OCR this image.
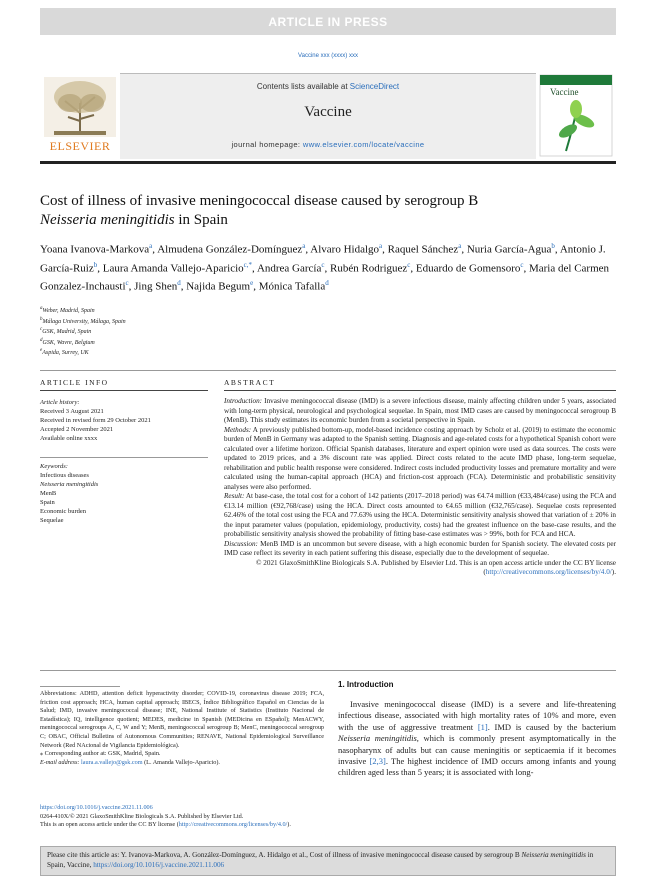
ARTICLE IN PRESS
Vaccine xxx (xxxx) xxx
ELSEVIER
Contents lists available at ScienceDirect
Vaccine
journal homepage: www.elsevier.com/locate/vaccine
Vaccine
Cost of illness of invasive meningococcal disease caused by serogroup B
Neisseria meningitidis in Spain
Yoana Ivanova-Markova$^a$, Almudena González-Domínguez$^a$, Alvaro Hidalgo$^a$, Raquel Sánchez$^a$, Nuria García-Agua$^b$, Antonio J. García-Ruiz$^b$, Laura Amanda Vallejo-Aparicio$^{c,*}$, Andrea García$^c$, Rubén Rodriguez$^c$, Eduardo de Gomensoro$^c$, Maria del Carmen Gonzalez-Inchausti$^c$, Jing Shen$^d$, Najida Begum$^e$, Mónica Tafalla$^d$
$^a$Weber, Madrid, Spain
$^b$Málaga University, Málaga, Spain
$^c$GSK, Madrid, Spain
$^d$GSK, Wavre, Belgium
$^e$Aspida, Surrey, UK
ARTICLE INFO
Article history:
Received 3 August 2021
Received in revised form 29 October 2021
Accepted 2 November 2021
Available online xxxx
Keywords:
Infectious diseases
Neisseria meningitidis
MenB
Spain
Economic burden
Sequelae
ABSTRACT

Introduction: Invasive meningococcal disease (IMD) is a severe infectious disease, mainly affecting children under 5 years, associated with long-term physical, neurological and psychological sequelae. In Spain, most IMD cases are caused by meningococcal serogroup B (MenB). This study estimates its economic burden from a societal perspective in Spain.

Methods: A previously published bottom-up, model-based incidence costing approach by Scholz et al. (2019) to estimate the economic burden of MenB in Germany was adapted to the Spanish setting. Diagnosis and age-related costs for a hypothetical Spanish cohort were calculated over a lifetime horizon. Official Spanish databases, literature and expert opinion were used as data sources. The costs were updated to 2019 prices, and a 3% discount rate was applied. Direct costs related to the acute IMD phase, long-term sequelae, rehabilitation and public health response were considered. Indirect costs included productivity losses and premature mortality and were calculated using the human-capital approach (HCA) and friction-cost approach (FCA). Deterministic and probabilistic sensitivity analyses were also performed.

Result: At base-case, the total cost for a cohort of 142 patients (2017–2018 period) was €4.74 million (€33,484/case) using the FCA and €13.14 million (€92,768/case) using the HCA. Direct costs amounted to €4.65 million (€32,765/case). Sequelae costs represented 62.46% of the total cost using the FCA and 77.63% using the HCA. Deterministic sensitivity analysis showed that variation of ± 20% in the input parameter values (population, epidemiology, productivity, costs) had the greatest influence on the base-case results, and the probabilistic sensitivity analysis showed the probability of fitting base-case estimates was > 99%, both for FCA and HCA.

Discussion: MenB IMD is an uncommon but severe disease, with a high economic burden for Spanish society. The elevated costs per IMD case reflect its severity in each patient suffering this disease, especially due to the development of sequelae.

© 2021 GlaxoSmithKline Biologicals S.A. Published by Elsevier Ltd. This is an open access article under the CC BY license (http://creativecommons.org/licenses/by/4.0/).

Abbreviations: ADHD, attention deficit hyperactivity disorder; COVID-19, coronavirus disease 2019; FCA, friction cost approach; HCA, human capital approach; IBECS, Índice Bibliográfico Español en Ciencias de la Salud; IMD, invasive meningococcal disease; INE, National Institute of Statistics (Instituto Nacional de Estadística); IQ, intelligence quotient; MEDES, medicine in Spanish (MEDicina en ESpañol); MenACWY, meningococcal serogroups A, C, W and Y; MenB, meningococcal serogroup B; MenC, meningococcal serogroup C; OBAC, Official Bulletins of Autonomous Communities; RENAVE, National Epidemiological Surveillance Network (Red NAcional de Vigilancia Epidemiológica).
⁎ Corresponding author at: GSK, Madrid, Spain.
E-mail address: laura.a.vallejo@gsk.com (L. Amanda Vallejo-Aparicio).
1. Introduction
Invasive meningococcal disease (IMD) is a severe and life-threatening infectious disease, associated with high mortality rates of 10% and more, even with the use of aggressive treatment [1]. IMD is caused by the bacterium Neisseria meningitidis, which is commonly present asymptomatically in the nasopharynx of adults but can cause meningitis or septicaemia if it becomes invasive [2,3]. The highest incidence of IMD occurs among infants and young children aged less than 5 years; it is associated with long-
https://doi.org/10.1016/j.vaccine.2021.11.006
0264-410X/© 2021 GlaxoSmithKline Biologicals S.A. Published by Elsevier Ltd.
This is an open access article under the CC BY license (http://creativecommons.org/licenses/by/4.0/).
Please cite this article as: Y. Ivanova-Markova, A. González-Domínguez, A. Hidalgo et al., Cost of illness of invasive meningococcal disease caused by serogroup B Neisseria meningitidis in Spain, Vaccine, https://doi.org/10.1016/j.vaccine.2021.11.006
